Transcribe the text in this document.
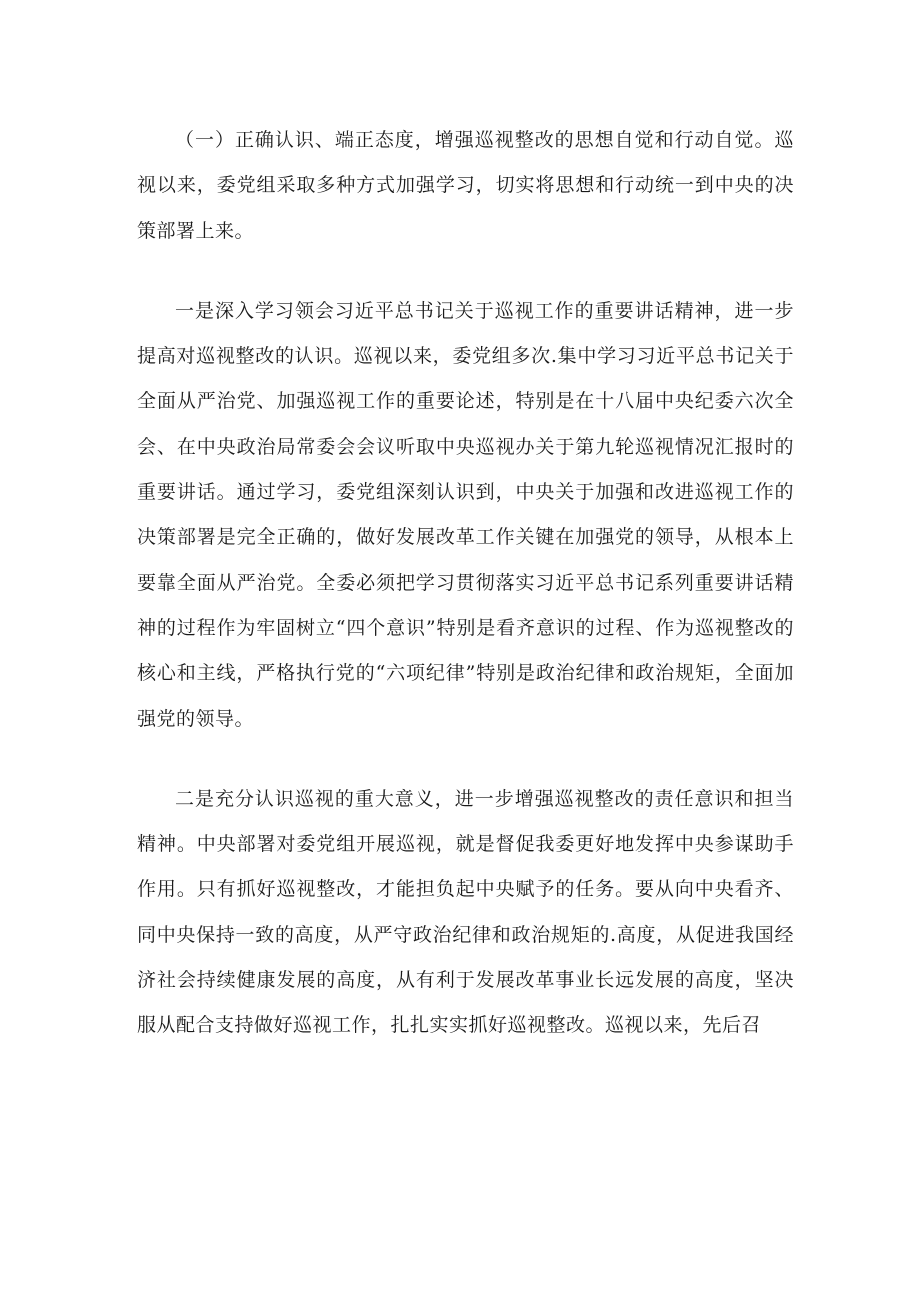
（一）正确认识、端正态度，增强巡视整改的思想自觉和行动自觉。巡视以来，委党组采取多种方式加强学习，切实将思想和行动统一到中央的决策部署上来。

一是深入学习领会习近平总书记关于巡视工作的重要讲话精神，进一步提高对巡视整改的认识。巡视以来，委党组多次.集中学习习近平总书记关于全面从严治党、加强巡视工作的重要论述，特别是在十八届中央纪委六次全会、在中央政治局常委会会议听取中央巡视办关于第九轮巡视情况汇报时的重要讲话。通过学习，委党组深刻认识到，中央关于加强和改进巡视工作的决策部署是完全正确的，做好发展改革工作关键在加强党的领导，从根本上要靠全面从严治党。全委必须把学习贯彻落实习近平总书记系列重要讲话精神的过程作为牢固树立“四个意识”特别是看齐意识的过程、作为巡视整改的核心和主线，严格执行党的“六项纪律”特别是政治纪律和政治规矩，全面加强党的领导。

二是充分认识巡视的重大意义，进一步增强巡视整改的责任意识和担当精神。中央部署对委党组开展巡视，就是督促我委更好地发挥中央参谋助手作用。只有抓好巡视整改，才能担负起中央赋予的任务。要从向中央看齐、同中央保持一致的高度，从严守政治纪律和政治规矩的.高度，从促进我国经济社会持续健康发展的高度，从有利于发展改革事业长远发展的高度，坚决服从配合支持做好巡视工作，扎扎实实抓好巡视整改。巡视以来，先后召
